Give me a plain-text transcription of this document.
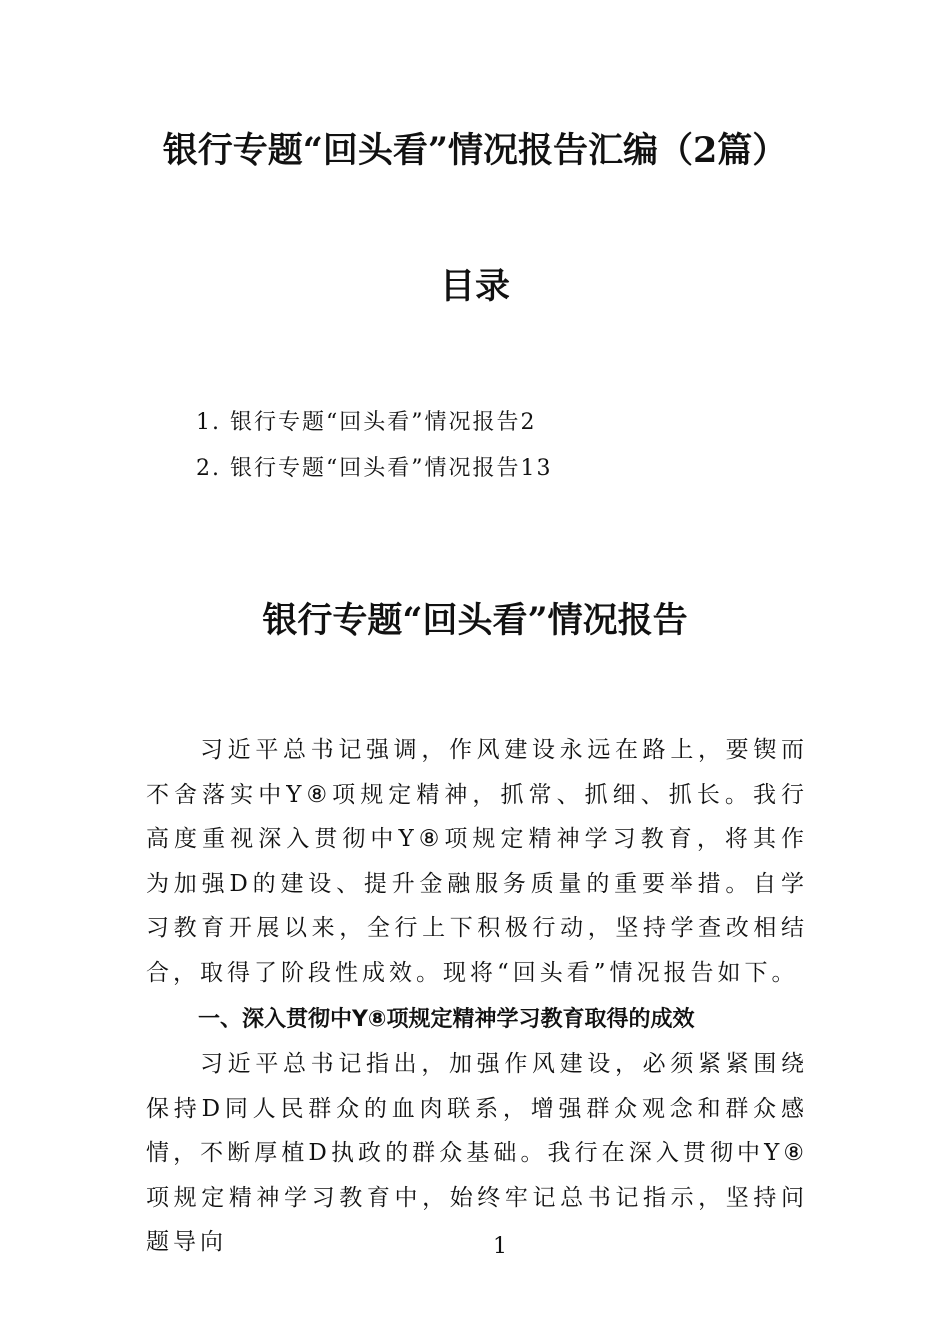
银行专题“回头看”情况报告汇编（2篇）
目录
1. 银行专题“回头看”情况报告2
2. 银行专题“回头看”情况报告13
银行专题“回头看”情况报告

习近平总书记强调，作风建设永远在路上，要锲而不舍落实中Y⑧项规定精神，抓常、抓细、抓长。我行高度重视深入贯彻中Y⑧项规定精神学习教育，将其作为加强D的建设、提升金融服务质量的重要举措。自学习教育开展以来，全行上下积极行动，坚持学查改相结合，取得了阶段性成效。现将“回头看”情况报告如下。

一、深入贯彻中Y⑧项规定精神学习教育取得的成效

习近平总书记指出，加强作风建设，必须紧紧围绕保持D同人民群众的血肉联系，增强群众观念和群众感情，不断厚植D执政的群众基础。我行在深入贯彻中Y⑧项规定精神学习教育中，始终牢记总书记指示，坚持问题导向	1
